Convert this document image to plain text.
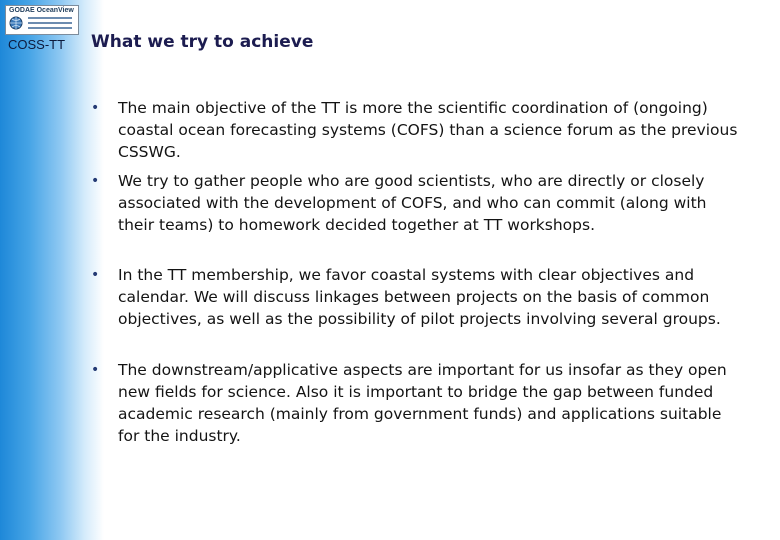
GODAE OceanView
COSS-TT What we try to achieve
• The main objective of the TT is more the scientific coordination of (ongoing)
coastal ocean forecasting systems (COFS) than a science forum as the previous
CSSWG.
• We try to gather people who are good scientists, who are directly or closely
associated with the development of COFS, and who can commit (along with
their teams) to homework decided together at TT workshops.
• In the TT membership, we favor coastal systems with clear objectives and
calendar. We will discuss linkages between projects on the basis of common
objectives, as well as the possibility of pilot projects involving several groups.
• The downstream/applicative aspects are important for us insofar as they open
new fields for science. Also it is important to bridge the gap between funded
academic research (mainly from government funds) and applications suitable
for the industry.
